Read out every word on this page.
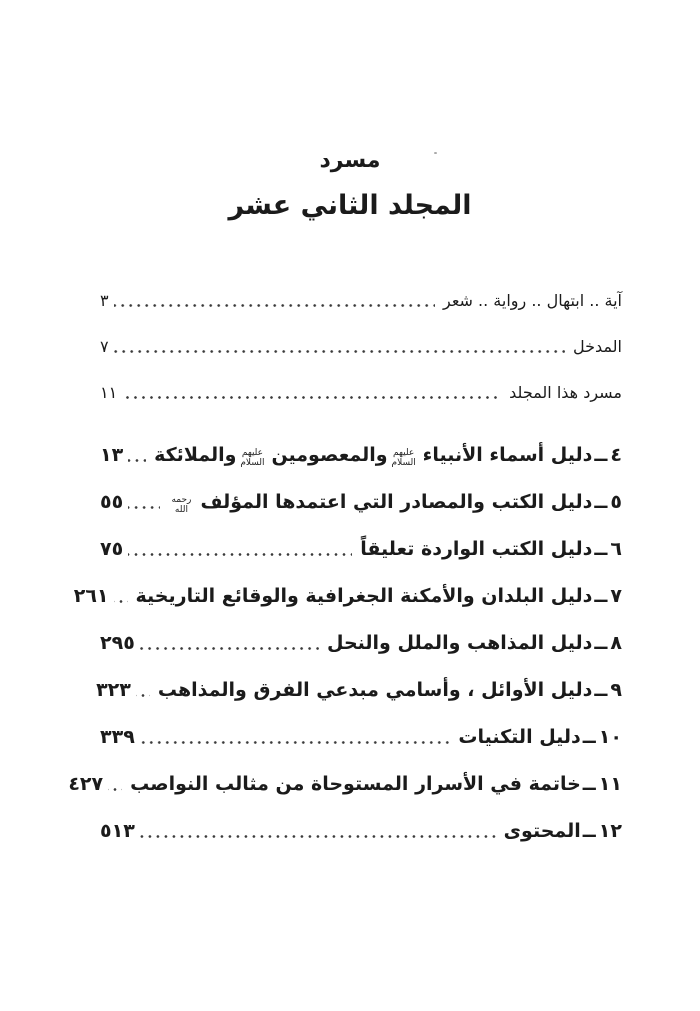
مسرد
المجلد الثاني عشر
آية .. ابتهال .. رواية .. شعر
٣
المدخل
٧
مسرد هذا المجلد
١١
٤
ــ
دليل أسماء الأنبياءعليهم السلاموالمعصومينعليهم السلاموالملائكة
١٣
٥
ــ
دليل الكتب والمصادر التي اعتمدها المؤلفرحمه الله
٥٥
٦
ــ
دليل الكتب الواردة تعليقاً
٧٥
٧
ــ
دليل البلدان والأمكنة الجغرافية والوقائع التاريخية
٢٦١
٨
ــ
دليل المذاهب والملل والنحل
٢٩٥
٩
ــ
دليل الأوائل ، وأسامي مبدعي الفرق والمذاهب
٣٢٣
١٠
ــ
دليل التكنيات
٣٣٩
١١
ــ
خاتمة في الأسرار المستوحاة من مثالب النواصب
٤٢٧
١٢
ــ
المحتوى
٥١٣
